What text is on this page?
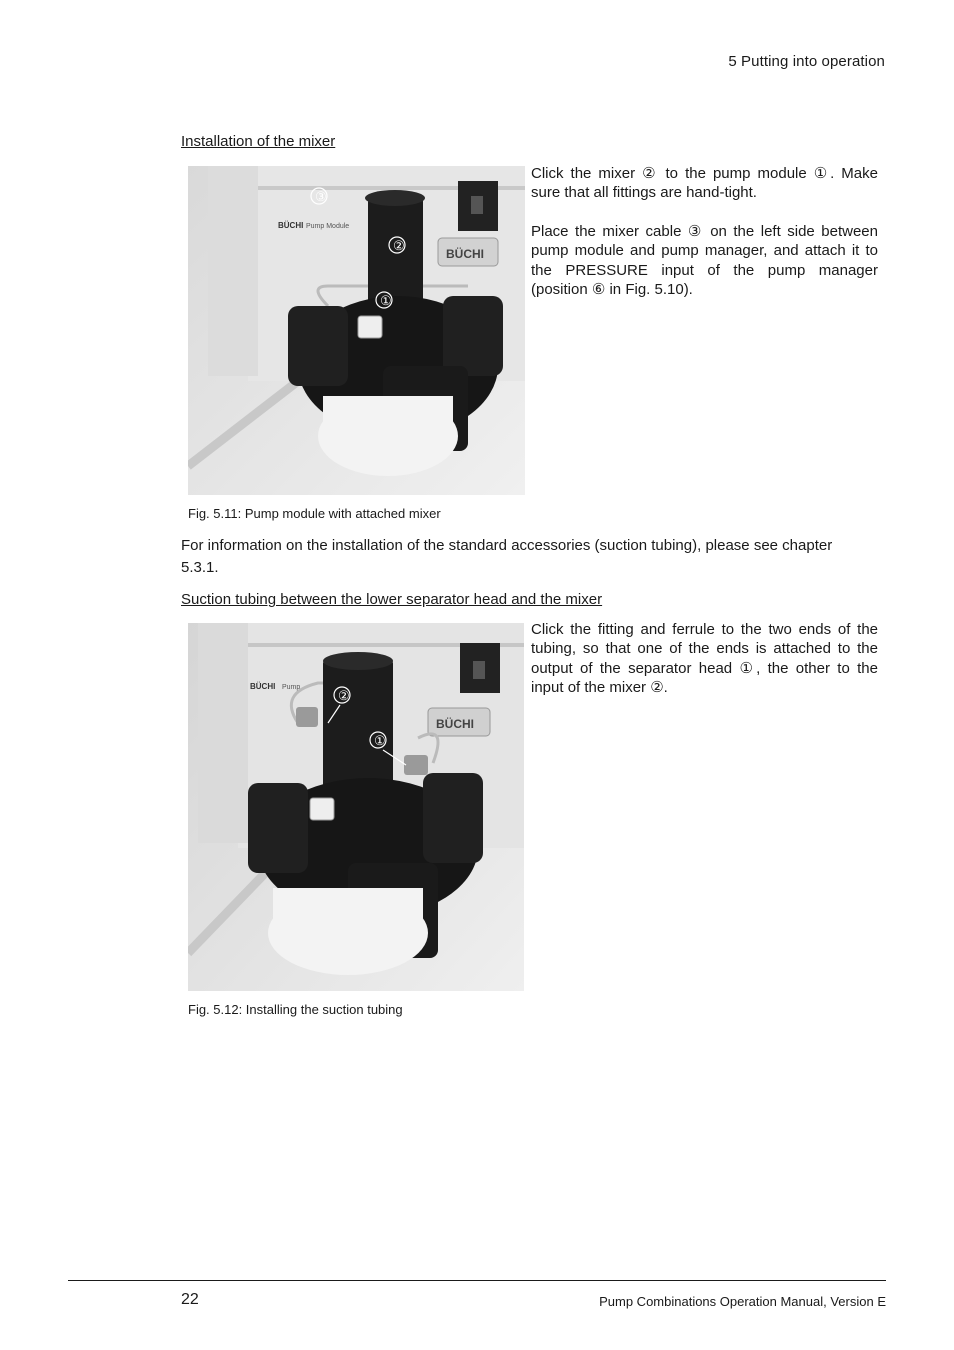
5 Putting into operation
Installation of the mixer
BÜCHI Pump Module
BÜCHI
③
②
①
Click the mixer ② to the pump module ①. Make sure that all fittings are hand-tight.
Place the mixer cable ③ on the left side between pump module and pump manager, and attach it to the PRESSURE input of the pump manager (position ⑥ in Fig. 5.10).
Fig. 5.11: Pump module with attached mixer
For information on the installation of the standard accessories (suction tubing), please see chapter 5.3.1.
Suction tubing between the lower separator head and the mixer
BÜCHI Pump
BÜCHI
②
①
Click the fitting and ferrule to the two ends of the tubing, so that one of the ends is attached to the output of the separator head ①, the other to the input of the mixer ②.
Fig. 5.12: Installing the suction tubing
22	Pump Combinations Operation Manual, Version E
